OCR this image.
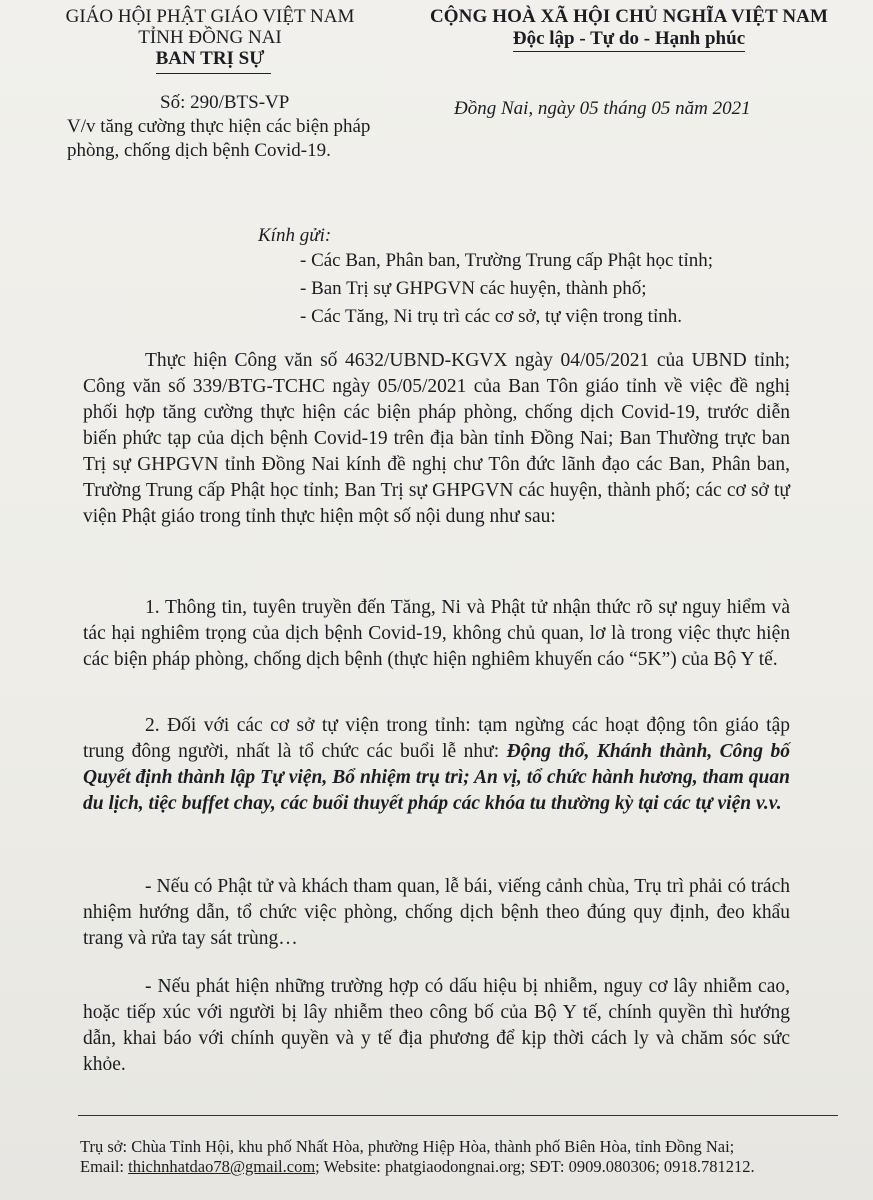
GIÁO HỘI PHẬT GIÁO VIỆT NAM
TỈNH ĐỒNG NAI
BAN TRỊ SỰ
CỘNG HOÀ XÃ HỘI CHỦ NGHĨA VIỆT NAM
Độc lập - Tự do - Hạnh phúc
Số: 290/BTS-VP
V/v tăng cường thực hiện các biện pháp
phòng, chống dịch bệnh Covid-19.
Đồng Nai, ngày 05 tháng 05 năm 2021
Kính gửi:
- Các Ban, Phân ban, Trường Trung cấp Phật học tỉnh;
- Ban Trị sự GHPGVN các huyện, thành phố;
- Các Tăng, Ni trụ trì các cơ sở, tự viện trong tỉnh.
Thực hiện Công văn số 4632/UBND-KGVX ngày 04/05/2021 của UBND tỉnh; Công văn số 339/BTG-TCHC ngày 05/05/2021 của Ban Tôn giáo tỉnh về việc đề nghị phối hợp tăng cường thực hiện các biện pháp phòng, chống dịch Covid-19, trước diễn biến phức tạp của dịch bệnh Covid-19 trên địa bàn tỉnh Đồng Nai; Ban Thường trực ban Trị sự GHPGVN tỉnh Đồng Nai kính đề nghị chư Tôn đức lãnh đạo các Ban, Phân ban, Trường Trung cấp Phật học tỉnh; Ban Trị sự GHPGVN các huyện, thành phố; các cơ sở tự viện Phật giáo trong tỉnh thực hiện một số nội dung như sau:
1. Thông tin, tuyên truyền đến Tăng, Ni và Phật tử nhận thức rõ sự nguy hiểm và tác hại nghiêm trọng của dịch bệnh Covid-19, không chủ quan, lơ là trong việc thực hiện các biện pháp phòng, chống dịch bệnh (thực hiện nghiêm khuyến cáo “5K”) của Bộ Y tế.
2. Đối với các cơ sở tự viện trong tỉnh: tạm ngừng các hoạt động tôn giáo tập trung đông người, nhất là tổ chức các buổi lễ như: Động thổ, Khánh thành, Công bố Quyết định thành lập Tự viện, Bổ nhiệm trụ trì; An vị, tổ chức hành hương, tham quan du lịch, tiệc buffet chay, các buổi thuyết pháp các khóa tu thường kỳ tại các tự viện v.v.
- Nếu có Phật tử và khách tham quan, lễ bái, viếng cảnh chùa, Trụ trì phải có trách nhiệm hướng dẫn, tổ chức việc phòng, chống dịch bệnh theo đúng quy định, đeo khẩu trang và rửa tay sát trùng…
- Nếu phát hiện những trường hợp có dấu hiệu bị nhiễm, nguy cơ lây nhiễm cao, hoặc tiếp xúc với người bị lây nhiễm theo công bố của Bộ Y tế, chính quyền thì hướng dẫn, khai báo với chính quyền và y tế địa phương để kịp thời cách ly và chăm sóc sức khỏe.
Trụ sở: Chùa Tỉnh Hội, khu phố Nhất Hòa, phường Hiệp Hòa, thành phố Biên Hòa, tỉnh Đồng Nai;
Email: thichnhatdao78@gmail.com; Website: phatgiaodongnai.org; SĐT: 0909.080306; 0918.781212.
